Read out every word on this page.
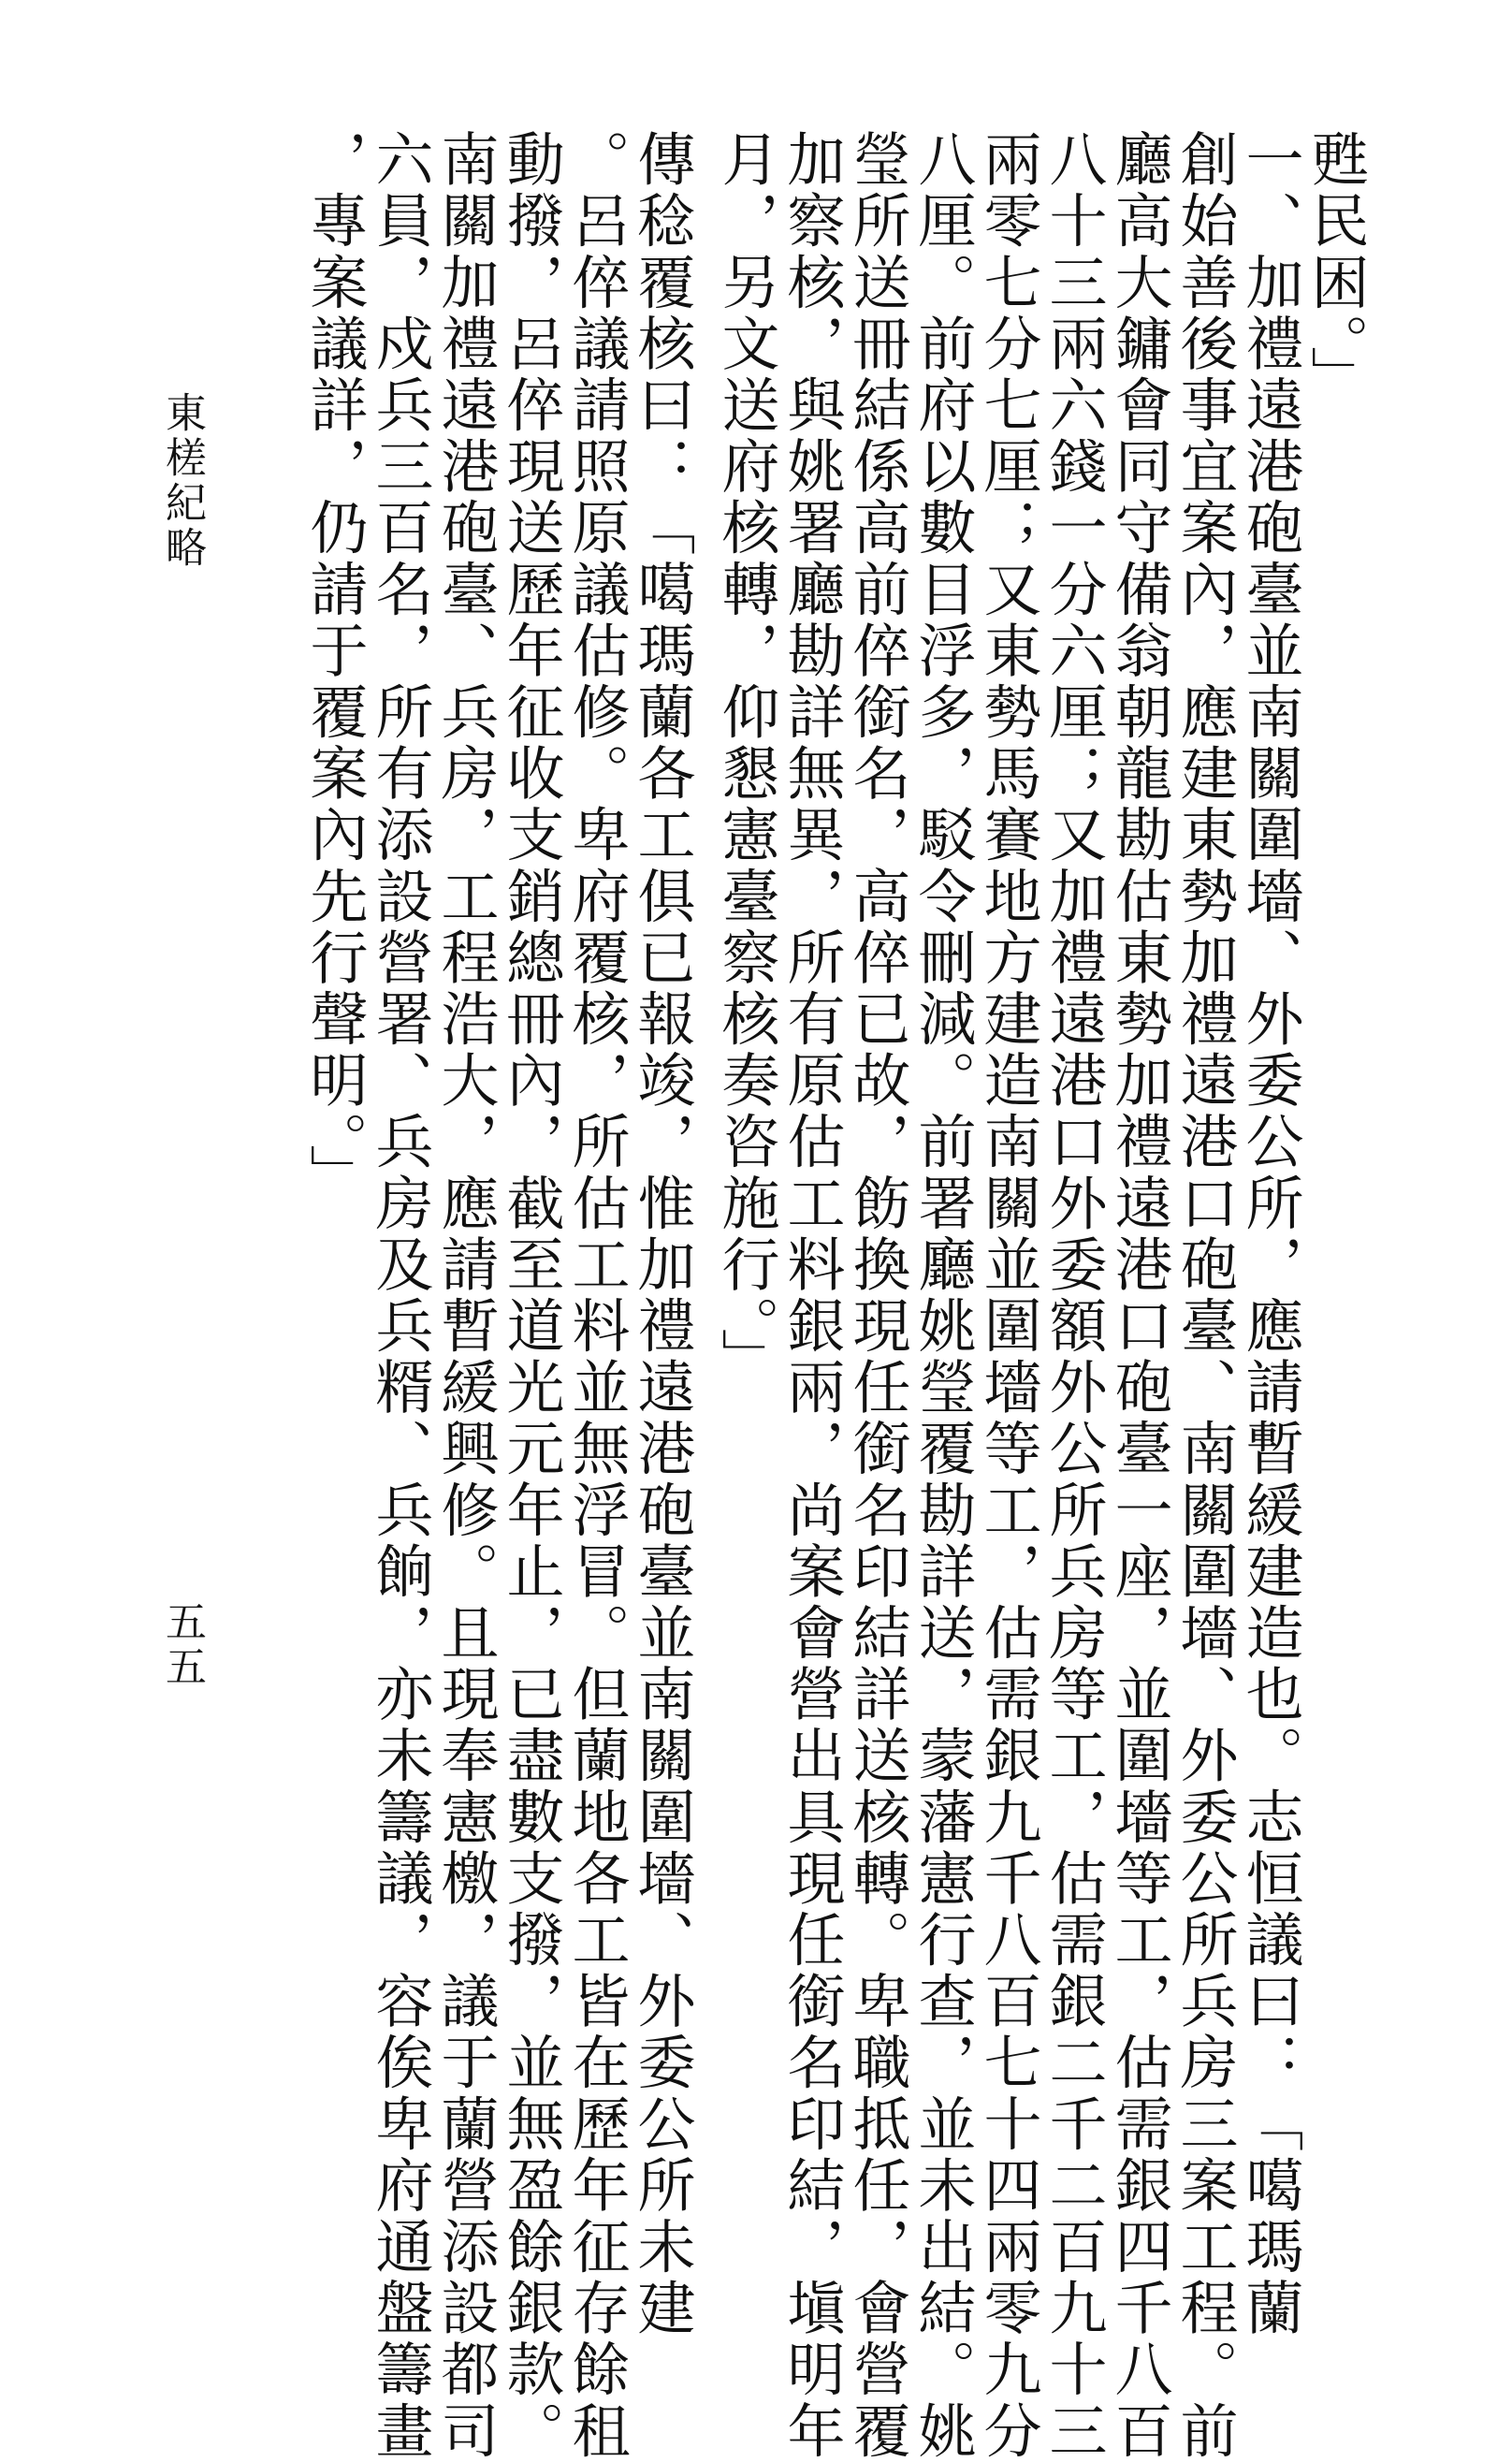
甦民困。」
一、加禮遠港砲臺並南關圍墻、外委公所，應請暫緩建造也。志恒議曰：「噶瑪蘭
創始善後事宜案內，應建東勢加禮遠港口砲臺、南關圍墻、外委公所兵房三案工程。前
廳高大鏞會同守備翁朝龍勘估東勢加禮遠港口砲臺一座，並圍墻等工，估需銀四千八百
八十三兩六錢一分六厘；又加禮遠港口外委額外公所兵房等工，估需銀二千二百九十三
兩零七分七厘；又東勢馬賽地方建造南關並圍墻等工，估需銀九千八百七十四兩零九分
八厘。前府以數目浮多，駁令刪減。前署廳姚瑩覆勘詳送，蒙藩憲行查，並未出結。姚
瑩所送冊結係高前倅銜名，高倅已故，飭換現任銜名印結詳送核轉。卑職抵任，會營覆
加察核，與姚署廳勘詳無異，所有原估工料銀兩，尚案會營出具現任銜名印結，塡明年
月，另文送府核轉，仰懇憲臺察核奏咨施行。」
傳稔覆核曰：「噶瑪蘭各工俱已報竣，惟加禮遠港砲臺並南關圍墻、外委公所未建
。呂倅議請照原議估修。卑府覆核，所估工料並無浮冒。但蘭地各工皆在歷年征存餘租
動撥，呂倅現送歷年征收支銷總冊內，截至道光元年止，已盡數支撥，並無盈餘銀款。
南關加禮遠港砲臺、兵房，工程浩大，應請暫緩興修。且現奉憲檄，議于蘭營添設都司
六員，戍兵三百名，所有添設營署、兵房及兵糈、兵餉，亦未籌議，容俟卑府通盤籌畫
，專案議詳，仍請于覆案內先行聲明。」
東槎紀略
五五
